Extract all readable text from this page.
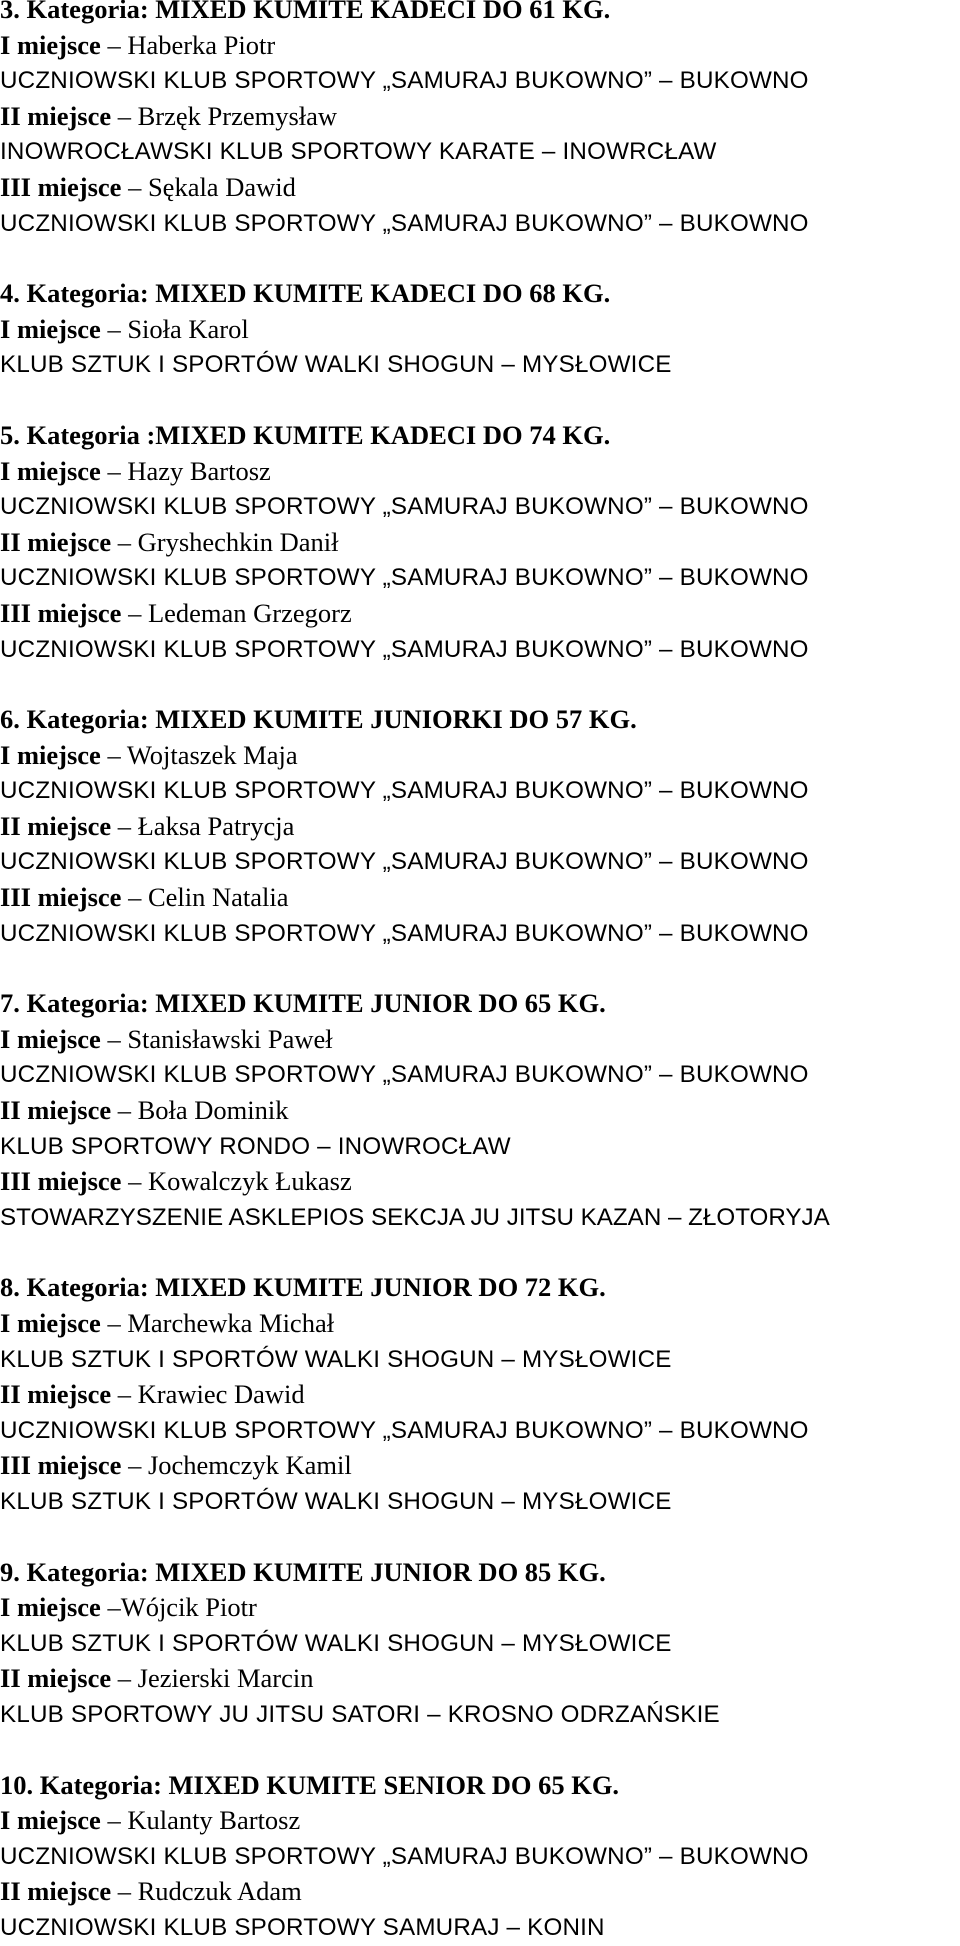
3. Kategoria: MIXED KUMITE KADECI DO 61 KG.
I miejsce – Haberka Piotr
UCZNIOWSKI KLUB SPORTOWY „SAMURAJ BUKOWNO” – BUKOWNO
II miejsce – Brzęk Przemysław
INOWROCŁAWSKI KLUB SPORTOWY KARATE – INOWRCŁAW
III miejsce – Sękala Dawid
UCZNIOWSKI KLUB SPORTOWY „SAMURAJ BUKOWNO” – BUKOWNO
4. Kategoria: MIXED KUMITE KADECI DO 68 KG.
I miejsce – Sioła Karol
KLUB SZTUK I SPORTÓW WALKI SHOGUN – MYSŁOWICE
5. Kategoria :MIXED KUMITE KADECI DO 74 KG.
I miejsce – Hazy Bartosz
UCZNIOWSKI KLUB SPORTOWY „SAMURAJ BUKOWNO” – BUKOWNO
II miejsce – Gryshechkin Danił
UCZNIOWSKI KLUB SPORTOWY „SAMURAJ BUKOWNO” – BUKOWNO
III miejsce – Ledeman Grzegorz
UCZNIOWSKI KLUB SPORTOWY „SAMURAJ BUKOWNO” – BUKOWNO
6. Kategoria: MIXED KUMITE JUNIORKI DO 57 KG.
I miejsce – Wojtaszek Maja
UCZNIOWSKI KLUB SPORTOWY „SAMURAJ BUKOWNO” – BUKOWNO
II miejsce – Łaksa Patrycja
UCZNIOWSKI KLUB SPORTOWY „SAMURAJ BUKOWNO” – BUKOWNO
III miejsce – Celin Natalia
UCZNIOWSKI KLUB SPORTOWY „SAMURAJ BUKOWNO” – BUKOWNO
7. Kategoria: MIXED KUMITE JUNIOR DO 65 KG.
I miejsce – Stanisławski Paweł
UCZNIOWSKI KLUB SPORTOWY „SAMURAJ BUKOWNO” – BUKOWNO
II miejsce – Boła Dominik
KLUB SPORTOWY RONDO – INOWROCŁAW
III miejsce – Kowalczyk Łukasz
STOWARZYSZENIE ASKLEPIOS SEKCJA JU JITSU KAZAN – ZŁOTORYJA
8. Kategoria: MIXED KUMITE JUNIOR DO 72 KG.
I miejsce – Marchewka Michał
KLUB SZTUK I SPORTÓW WALKI SHOGUN – MYSŁOWICE
II miejsce – Krawiec Dawid
UCZNIOWSKI KLUB SPORTOWY „SAMURAJ BUKOWNO” – BUKOWNO
III miejsce – Jochemczyk Kamil
KLUB SZTUK I SPORTÓW WALKI SHOGUN – MYSŁOWICE
9. Kategoria: MIXED KUMITE JUNIOR DO 85 KG.
I miejsce –Wójcik Piotr
KLUB SZTUK I SPORTÓW WALKI SHOGUN – MYSŁOWICE
II miejsce – Jezierski Marcin
KLUB SPORTOWY JU JITSU SATORI – KROSNO ODRZAŃSKIE
10. Kategoria: MIXED KUMITE SENIOR DO 65 KG.
I miejsce – Kulanty Bartosz
UCZNIOWSKI KLUB SPORTOWY „SAMURAJ BUKOWNO” – BUKOWNO
II miejsce – Rudczuk Adam
UCZNIOWSKI KLUB SPORTOWY SAMURAJ – KONIN
